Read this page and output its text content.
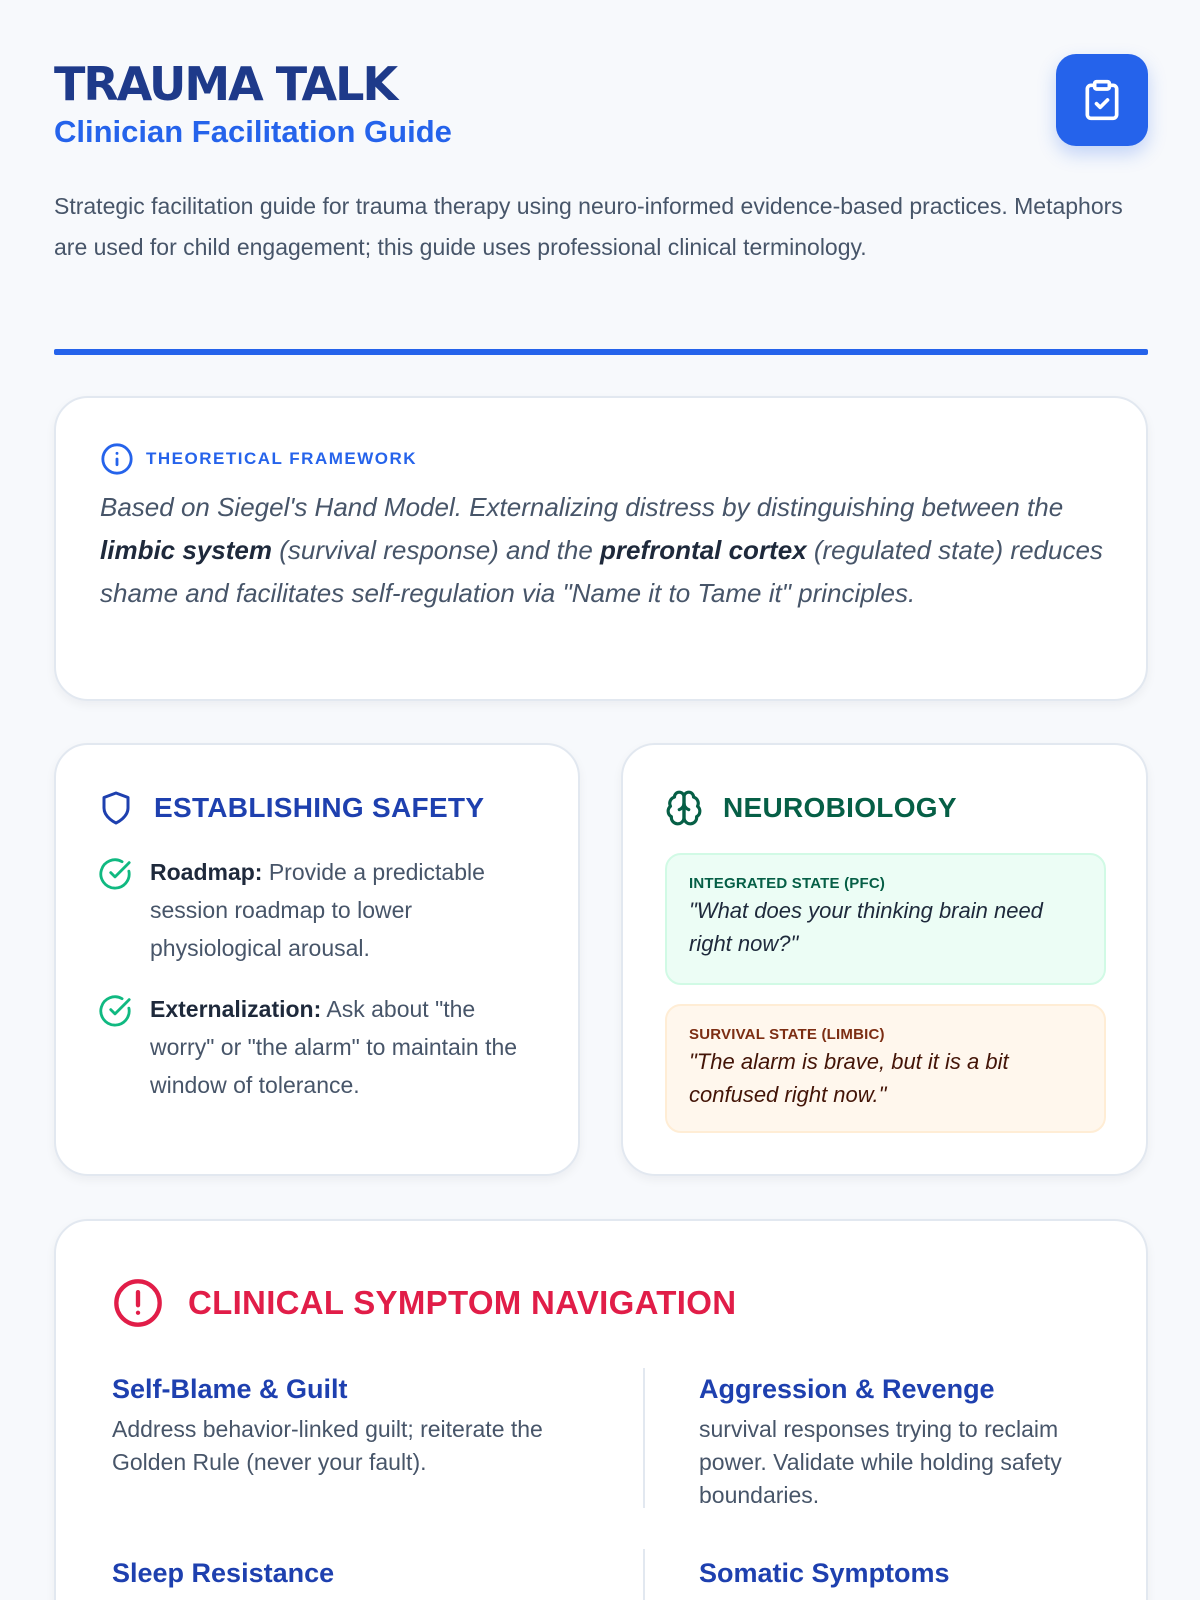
TRAUMA TALK
Clinician Facilitation Guide

Strategic facilitation guide for trauma therapy using neuro-informed evidence-based practices. Metaphors are used for child engagement; this guide uses professional clinical terminology.

THEORETICAL FRAMEWORK

Based on Siegel's Hand Model. Externalizing distress by distinguishing between the limbic system (survival response) and the prefrontal cortex (regulated state) reduces shame and facilitates self-regulation via "Name it to Tame it" principles.

ESTABLISHING SAFETY

Roadmap: Provide a predictable session roadmap to lower physiological arousal.

Externalization: Ask about "the worry" or "the alarm" to maintain the window of tolerance.

NEUROBIOLOGY
INTEGRATED STATE (PFC)
"What does your thinking brain need right now?"
SURVIVAL STATE (LIMBIC)
"The alarm is brave, but it is a bit confused right now."
CLINICAL SYMPTOM NAVIGATION
Self-Blame & Guilt

Address behavior-linked guilt; reiterate the Golden Rule (never your fault).

Aggression & Revenge

survival responses trying to reclaim power. Validate while holding safety boundaries.

Sleep Resistance	Somatic Symptoms
